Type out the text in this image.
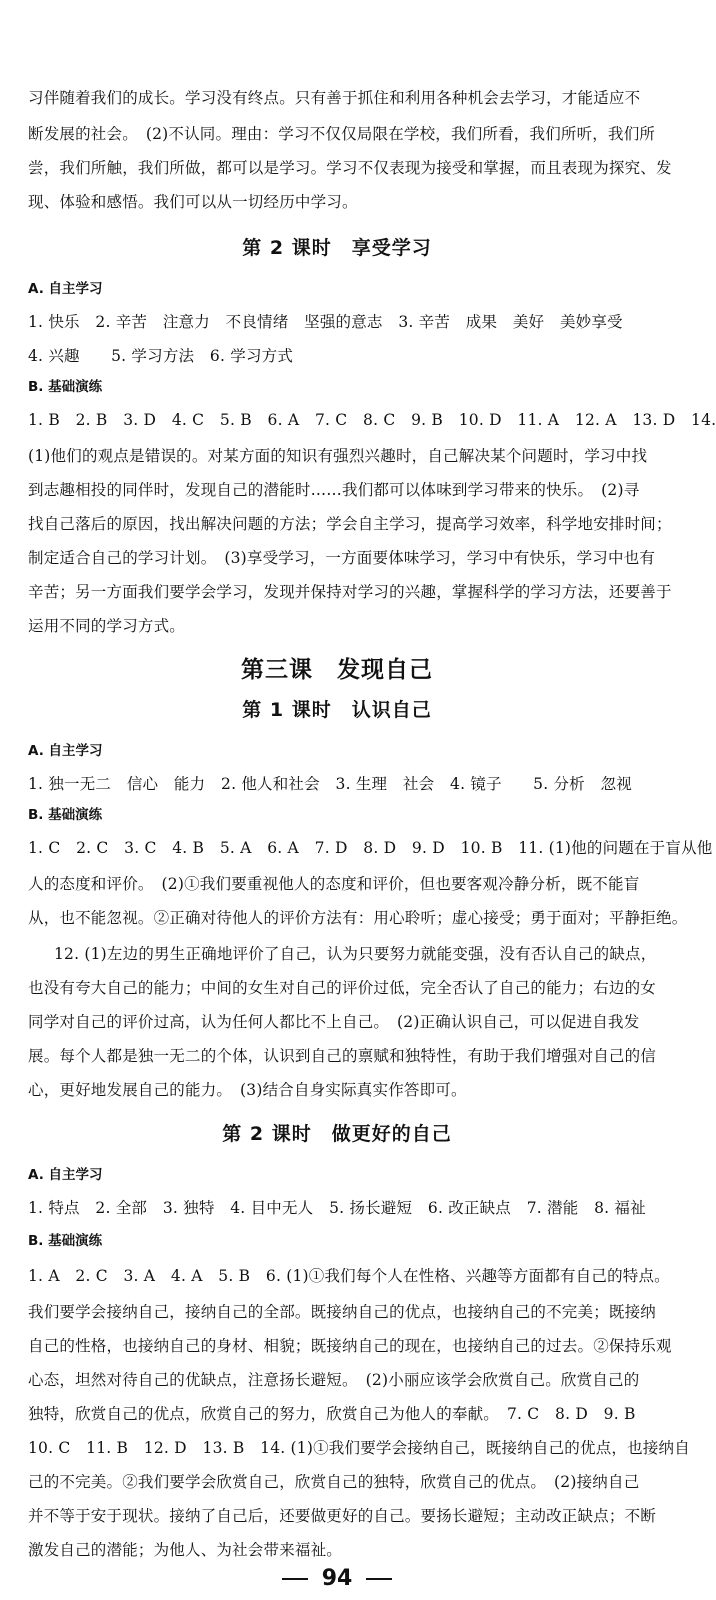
习伴随着我们的成长。学习没有终点。只有善于抓住和利用各种机会去学习，才能适应不
断发展的社会。　(2)不认同。理由：学习不仅仅局限在学校，我们所看，我们所听，我们所
尝，我们所触，我们所做，都可以是学习。学习不仅表现为接受和掌握，而且表现为探究、发
现、体验和感悟。我们可以从一切经历中学习。
第 2 课时　享受学习
A. 自主学习
1. 快乐　2. 辛苦　注意力　不良情绪　坚强的意志　3. 辛苦　成果　美好　美妙享受
4. 兴趣　　5. 学习方法　6. 学习方式
B. 基础演练
1. B　2. B　3. D　4. C　5. B　6. A　7. C　8. C　9. B　10. D　11. A　12. A　13. D　14.
(1)他们的观点是错误的。对某方面的知识有强烈兴趣时，自己解决某个问题时，学习中找
到志趣相投的同伴时，发现自己的潜能时……我们都可以体味到学习带来的快乐。　(2)寻
找自己落后的原因，找出解决问题的方法；学会自主学习，提高学习效率，科学地安排时间；
制定适合自己的学习计划。　(3)享受学习，一方面要体味学习，学习中有快乐，学习中也有
辛苦；另一方面我们要学会学习，发现并保持对学习的兴趣，掌握科学的学习方法，还要善于
运用不同的学习方式。
第三课　发现自己
第 1 课时　认识自己
A. 自主学习
1. 独一无二　信心　能力　2. 他人和社会　3. 生理　社会　4. 镜子　　5. 分析　忽视
B. 基础演练
1. C　2. C　3. C　4. B　5. A　6. A　7. D　8. D　9. D　10. B　11. (1)他的问题在于盲从他
人的态度和评价。　(2)①我们要重视他人的态度和评价，但也要客观冷静分析，既不能盲
从，也不能忽视。②正确对待他人的评价方法有：用心聆听；虚心接受；勇于面对；平静拒绝。
12. (1)左边的男生正确地评价了自己，认为只要努力就能变强，没有否认自己的缺点，
也没有夸大自己的能力；中间的女生对自己的评价过低，完全否认了自己的能力；右边的女
同学对自己的评价过高，认为任何人都比不上自己。　(2)正确认识自己，可以促进自我发
展。每个人都是独一无二的个体，认识到自己的禀赋和独特性，有助于我们增强对自己的信
心，更好地发展自己的能力。　(3)结合自身实际真实作答即可。
第 2 课时　做更好的自己
A. 自主学习
1. 特点　2. 全部　3. 独特　4. 目中无人　5. 扬长避短　6. 改正缺点　7. 潜能　8. 福祉
B. 基础演练
1. A　2. C　3. A　4. A　5. B　6. (1)①我们每个人在性格、兴趣等方面都有自己的特点。
我们要学会接纳自己，接纳自己的全部。既接纳自己的优点，也接纳自己的不完美；既接纳
自己的性格，也接纳自己的身材、相貌；既接纳自己的现在，也接纳自己的过去。②保持乐观
心态，坦然对待自己的优缺点，注意扬长避短。　(2)小丽应该学会欣赏自己。欣赏自己的
独特，欣赏自己的优点，欣赏自己的努力，欣赏自己为他人的奉献。　7. C　8. D　9. B
10. C　11. B　12. D　13. B　14. (1)①我们要学会接纳自己，既接纳自己的优点，也接纳自
己的不完美。②我们要学会欣赏自己，欣赏自己的独特，欣赏自己的优点。　(2)接纳自己
并不等于安于现状。接纳了自己后，还要做更好的自己。要扬长避短；主动改正缺点；不断
激发自己的潜能；为他人、为社会带来福祉。
94
